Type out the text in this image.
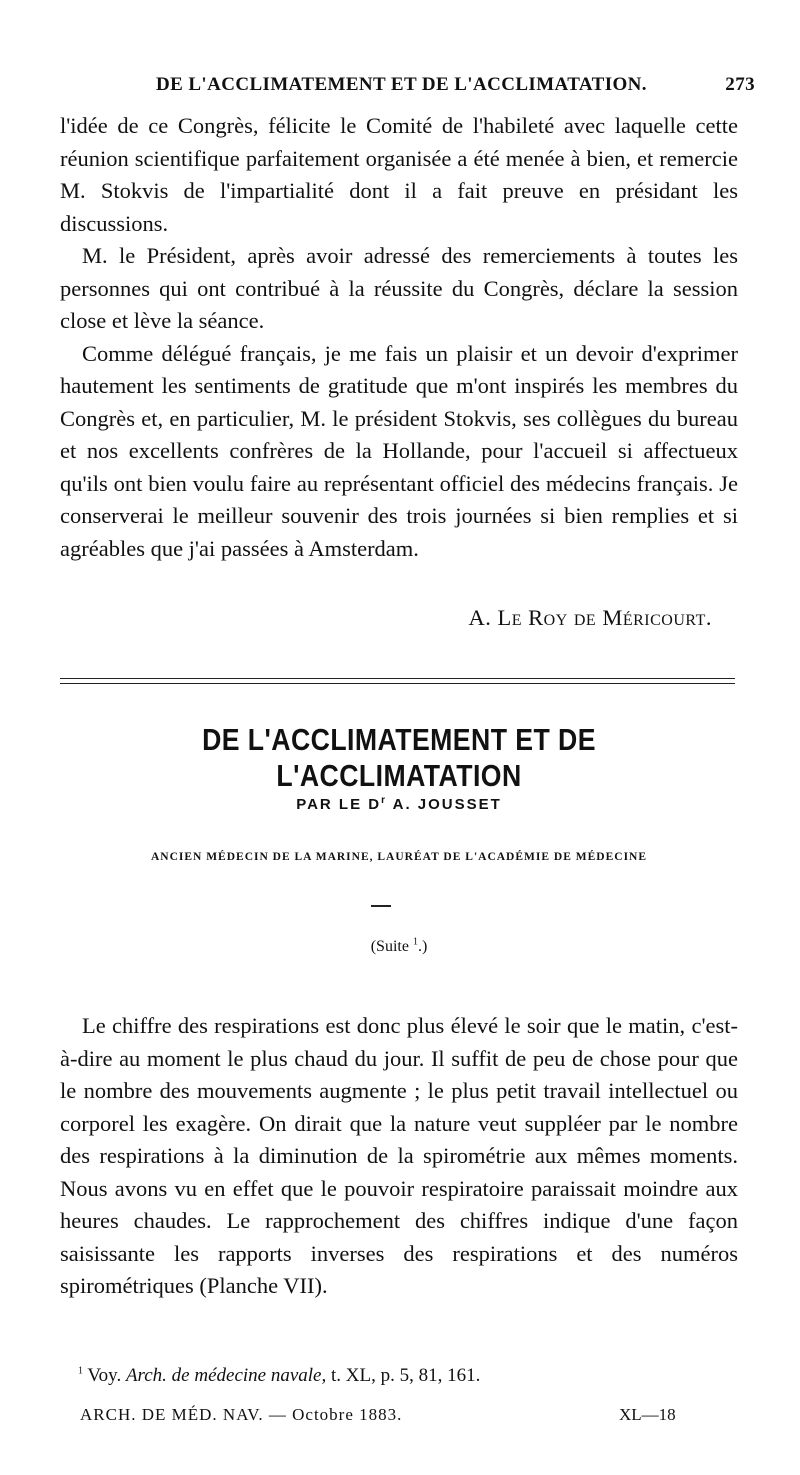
DE L'ACCLIMATEMENT ET DE L'ACCLIMATATION.	273

l'idée de ce Congrès, félicite le Comité de l'habileté avec laquelle cette réunion scientifique parfaitement organisée a été menée à bien, et remercie M. Stokvis de l'impartialité dont il a fait preuve en présidant les discussions.

M. le Président, après avoir adressé des remerciements à toutes les personnes qui ont contribué à la réussite du Congrès, déclare la session close et lève la séance.

Comme délégué français, je me fais un plaisir et un devoir d'exprimer hautement les sentiments de gratitude que m'ont inspirés les membres du Congrès et, en particulier, M. le président Stokvis, ses collègues du bureau et nos excellents confrères de la Hollande, pour l'accueil si affectueux qu'ils ont bien voulu faire au représentant officiel des médecins français. Je conserverai le meilleur souvenir des trois journées si bien remplies et si agréables que j'ai passées à Amsterdam.

A. Le Roy de Méricourt.
DE L'ACCLIMATEMENT ET DE L'ACCLIMATATION
PAR LE $D^r$ A. JOUSSET
ANCIEN MÉDECIN DE LA MARINE, LAURÉAT DE L'ACADÉMIE DE MÉDECINE
(Suite $^1$.)

Le chiffre des respirations est donc plus élevé le soir que le matin, c'est-à-dire au moment le plus chaud du jour. Il suffit de peu de chose pour que le nombre des mouvements augmente ; le plus petit travail intellectuel ou corporel les exagère. On dirait que la nature veut suppléer par le nombre des respirations à la diminution de la spirométrie aux mêmes moments. Nous avons vu en effet que le pouvoir respiratoire paraissait moindre aux heures chaudes. Le rapprochement des chiffres indique d'une façon saisissante les rapports inverses des respirations et des numéros spirométriques (Planche VII).

$^1$ Voy. Arch. de médecine navale, t. XL, p. 5, 81, 161.
ARCH. DE MÉD. NAV. — Octobre 1883.	XL—18
